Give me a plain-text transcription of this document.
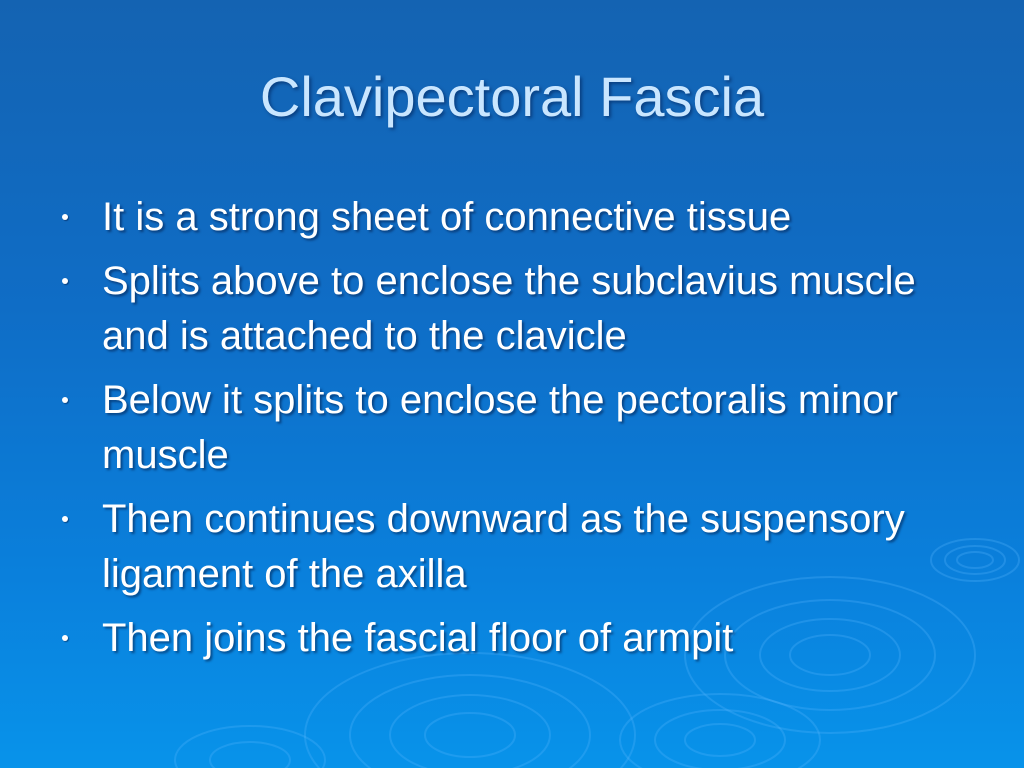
Clavipectoral Fascia
It is a strong sheet of connective tissue
Splits above to enclose the subclavius muscle and is attached to the clavicle
Below it splits to enclose the pectoralis minor muscle
Then continues downward as the suspensory ligament of the axilla
Then joins the fascial floor of armpit
